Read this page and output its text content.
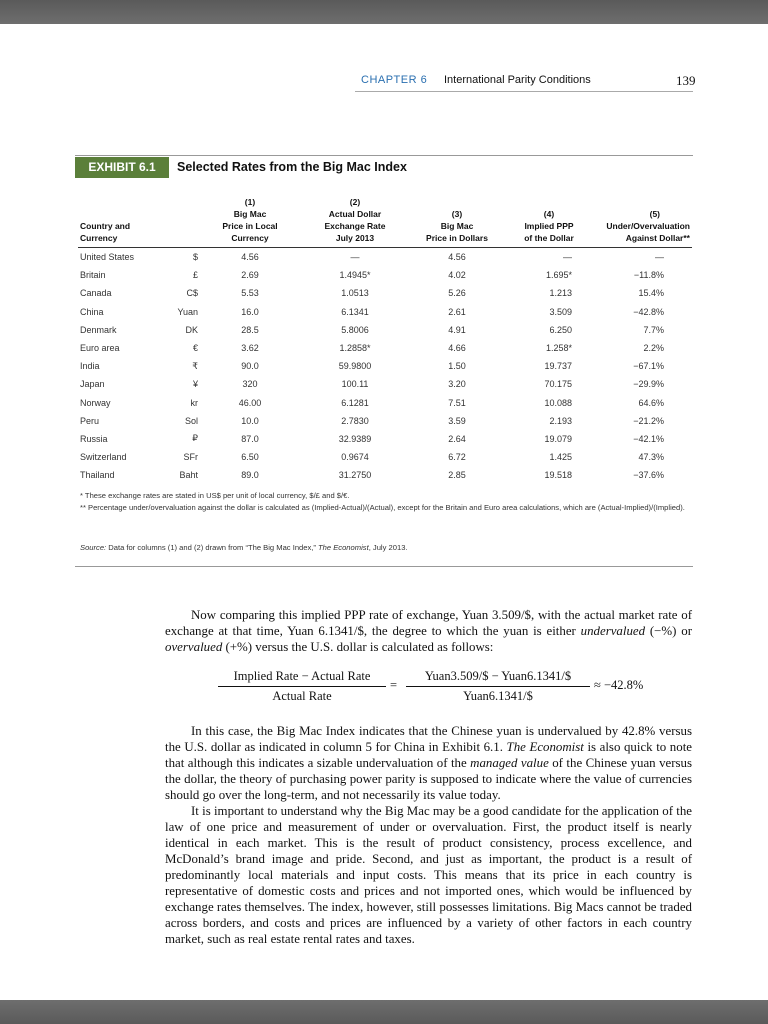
CHAPTER 6 International Parity Conditions	139
EXHIBIT 6.1	Selected Rates from the Big Mac Index
Country and Currency		(1)
Big Mac
Price in Local
Currency	(2)
Actual Dollar
Exchange Rate
July 2013	(3)
Big Mac
Price in Dollars	(4)
Implied PPP
of the Dollar	(5)
Under/Overvaluation
Against Dollar**
United States	$	4.56	—	4.56	—	—
Britain	£	2.69	1.4945*	4.02	1.695*	−11.8%
Canada	C$	5.53	1.0513	5.26	1.213	15.4%
China	Yuan	16.0	6.1341	2.61	3.509	−42.8%
Denmark	DK	28.5	5.8006	4.91	6.250	7.7%
Euro area	€	3.62	1.2858*	4.66	1.258*	2.2%
India	₹	90.0	59.9800	1.50	19.737	−67.1%
Japan	¥	320	100.11	3.20	70.175	−29.9%
Norway	kr	46.00	6.1281	7.51	10.088	64.6%
Peru	Sol	10.0	2.7830	3.59	2.193	−21.2%
Russia	₽	87.0	32.9389	2.64	19.079	−42.1%
Switzerland	SFr	6.50	0.9674	6.72	1.425	47.3%
Thailand	Baht	89.0	31.2750	2.85	19.518	−37.6%
* These exchange rates are stated in US$ per unit of local currency, $/£ and $/€.
** Percentage under/overvaluation against the dollar is calculated as (Implied-Actual)/(Actual), except for the Britain and Euro area calculations, which are (Actual-Implied)/(Implied).
Source: Data for columns (1) and (2) drawn from “The Big Mac Index,” The Economist, July 2013.

Now comparing this implied PPP rate of exchange, Yuan 3.509/$, with the actual market rate of exchange at that time, Yuan 6.1341/$, the degree to which the yuan is either undervalued (−%) or overvalued (+%) versus the U.S. dollar is calculated as follows:

Implied Rate − Actual Rate
Actual Rate
=
Yuan3.509/$ − Yuan6.1341/$
Yuan6.1341/$
≈ −42.8%

In this case, the Big Mac Index indicates that the Chinese yuan is undervalued by 42.8% versus the U.S. dollar as indicated in column 5 for China in Exhibit 6.1. The Economist is also quick to note that although this indicates a sizable undervaluation of the managed value of the Chinese yuan versus the dollar, the theory of purchasing power parity is supposed to indicate where the value of currencies should go over the long-term, and not necessarily its value today.

It is important to understand why the Big Mac may be a good candidate for the application of the law of one price and measurement of under or overvaluation. First, the product itself is nearly identical in each market. This is the result of product consistency, process excellence, and McDonald’s brand image and pride. Second, and just as important, the product is a result of predominantly local materials and input costs. This means that its price in each country is representative of domestic costs and prices and not imported ones, which would be influenced by exchange rates themselves. The index, however, still possesses limitations. Big Macs cannot be traded across borders, and costs and prices are influenced by a variety of other factors in each country market, such as real estate rental rates and taxes.
